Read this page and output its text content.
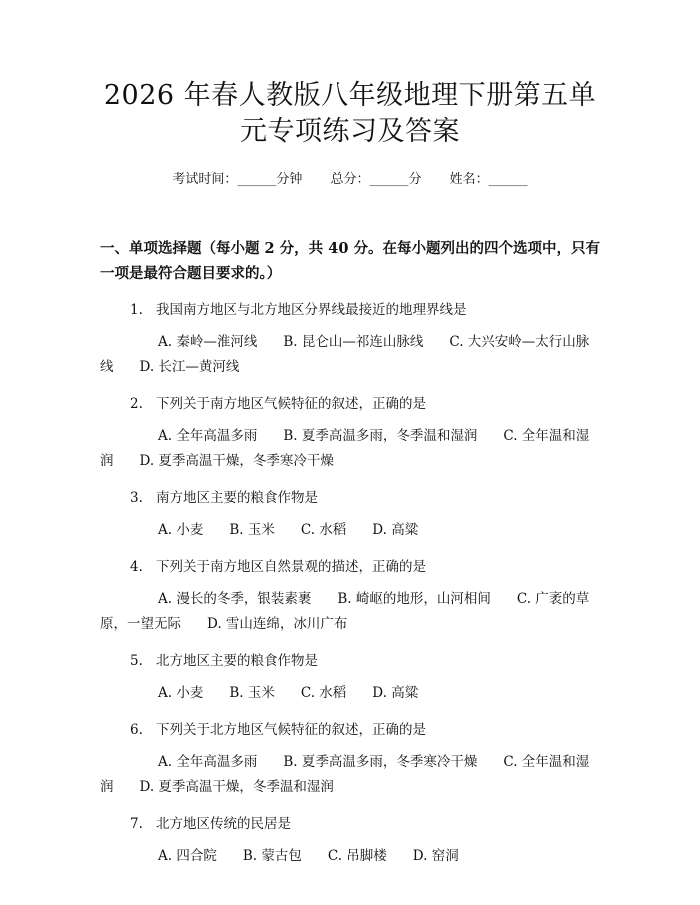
2026 年春人教版八年级地理下册第五单元专项练习及答案
考试时间：______分钟 总分：______分 姓名：______
一、单项选择题（每小题 2 分，共 40 分。在每小题列出的四个选项中，只有一项是最符合题目要求的。）
1. 我国南方地区与北方地区分界线最接近的地理界线是
A. 秦岭—淮河线 B. 昆仑山—祁连山脉线 C. 大兴安岭—太行山脉线 D. 长江—黄河线
2. 下列关于南方地区气候特征的叙述，正确的是
A. 全年高温多雨 B. 夏季高温多雨，冬季温和湿润 C. 全年温和湿润 D. 夏季高温干燥，冬季寒冷干燥
3. 南方地区主要的粮食作物是
A. 小麦 B. 玉米 C. 水稻 D. 高粱
4. 下列关于南方地区自然景观的描述，正确的是
A. 漫长的冬季，银装素裹 B. 崎岖的地形，山河相间 C. 广袤的草原，一望无际 D. 雪山连绵，冰川广布
5. 北方地区主要的粮食作物是
A. 小麦 B. 玉米 C. 水稻 D. 高粱
6. 下列关于北方地区气候特征的叙述，正确的是
A. 全年高温多雨 B. 夏季高温多雨，冬季寒冷干燥 C. 全年温和湿润 D. 夏季高温干燥，冬季温和湿润
7. 北方地区传统的民居是
A. 四合院 B. 蒙古包 C. 吊脚楼 D. 窑洞
